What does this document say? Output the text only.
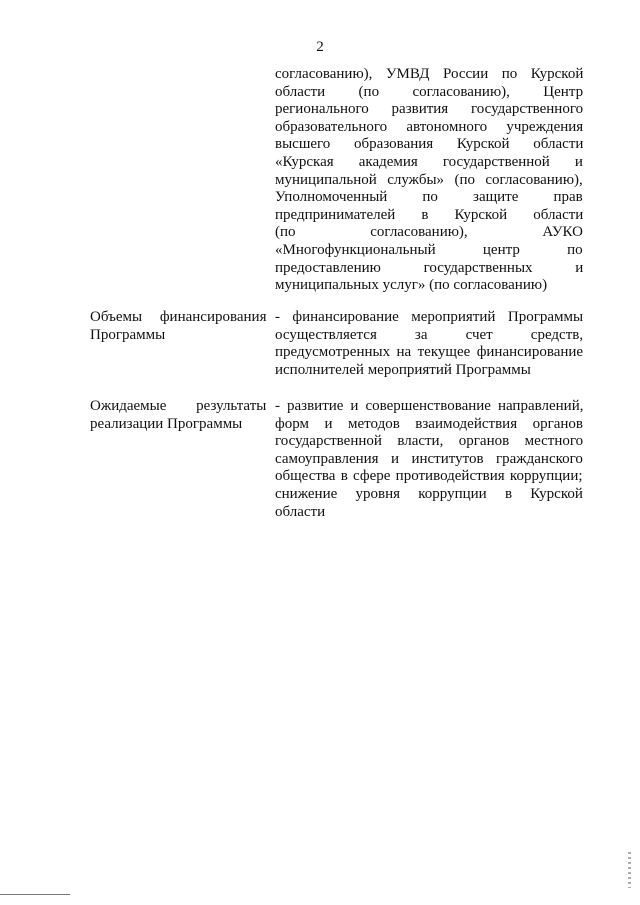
2
согласованию), УМВД России по Курской
области (по согласованию), Центр
регионального развития государственного
образовательного автономного учреждения
высшего образования Курской области
«Курская академия государственной и
муниципальной службы» (по согласованию),
Уполномоченный по защите прав
предпринимателей в Курской области
(по согласованию), АУКО
«Многофункциональный центр по
предоставлению государственных и
муниципальных услуг» (по согласованию)
Объемы финансирования
Программы
- финансирование мероприятий Программы
осуществляется за счет средств,
предусмотренных на текущее финансирование
исполнителей мероприятий Программы
Ожидаемые результаты
реализации Программы
- развитие и совершенствование направлений,
форм и методов взаимодействия органов
государственной власти, органов местного
самоуправления и институтов гражданского
общества в сфере противодействия коррупции;
снижение уровня коррупции в Курской
области
